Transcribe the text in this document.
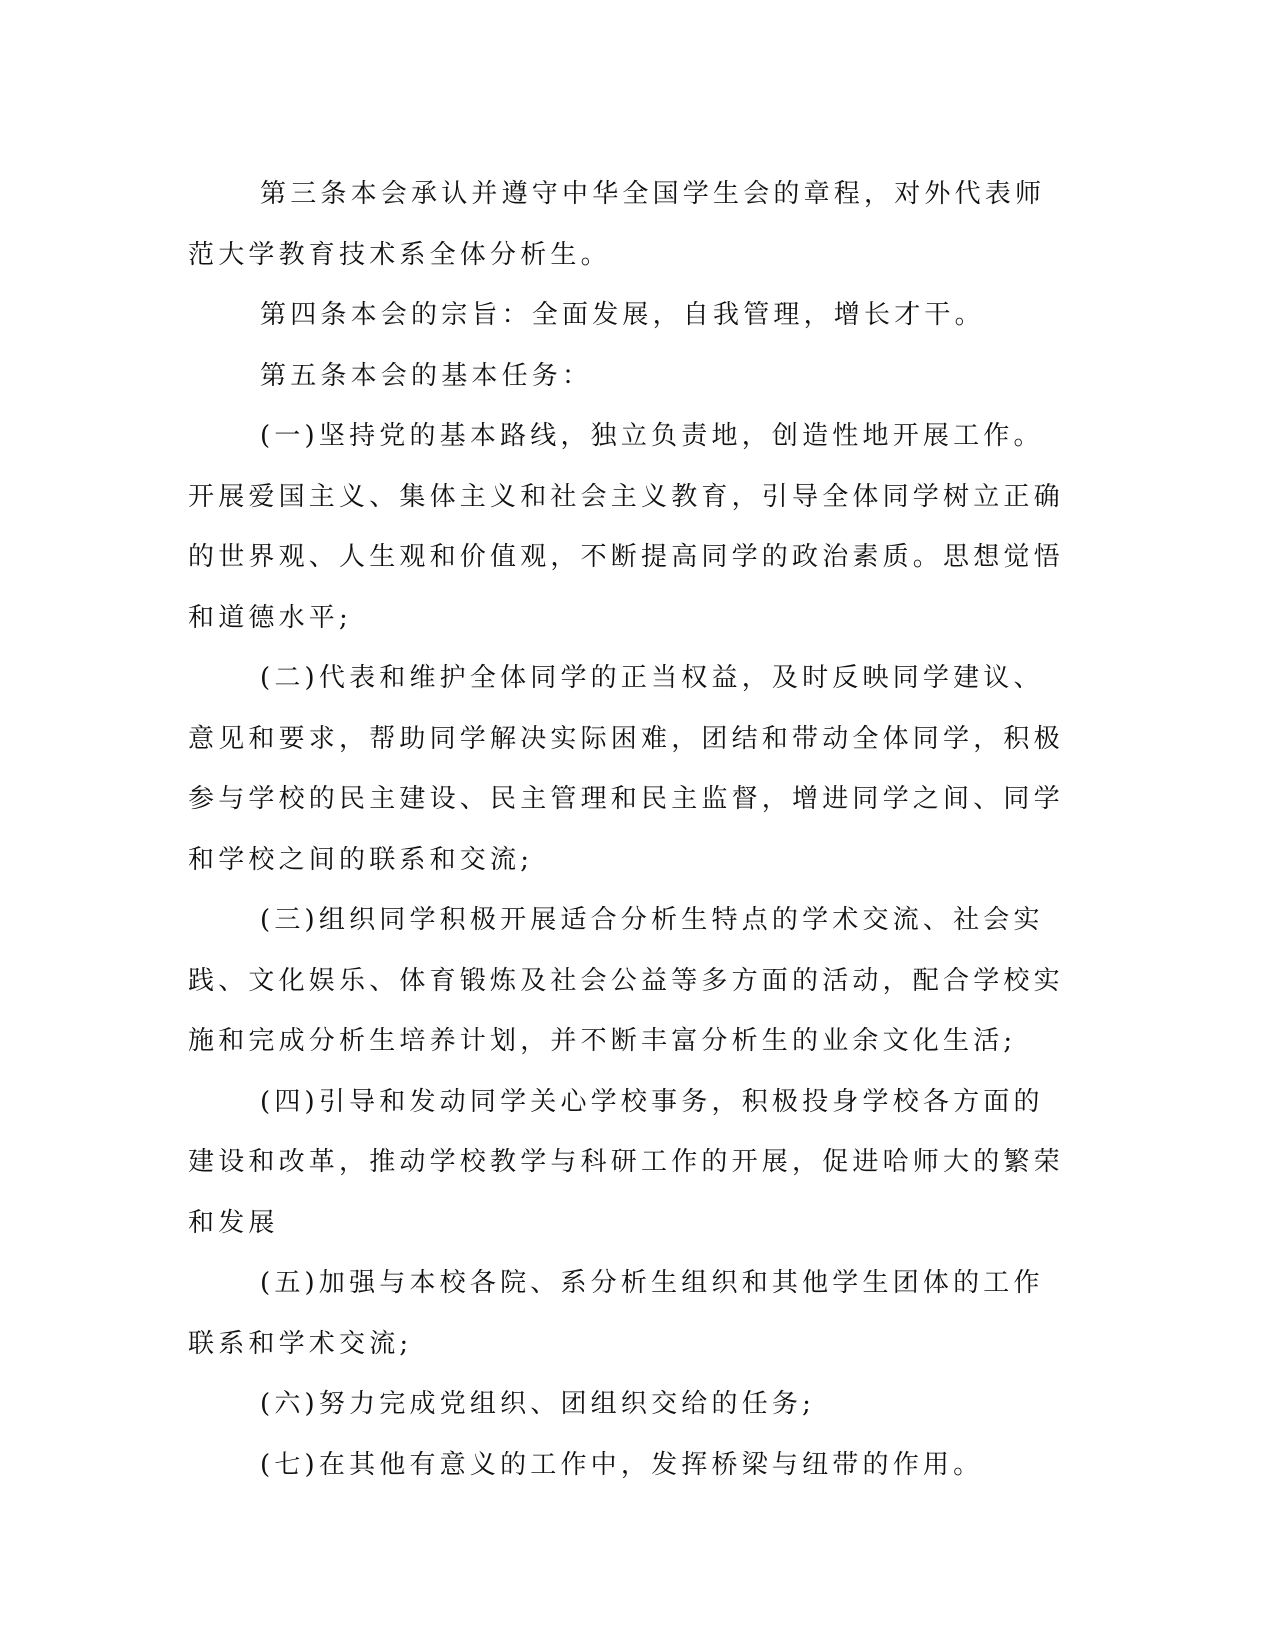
第三条本会承认并遵守中华全国学生会的章程，对外代表师范大学教育技术系全体分析生。

第四条本会的宗旨：全面发展，自我管理，增长才干。

第五条本会的基本任务：

(一)坚持党的基本路线，独立负责地，创造性地开展工作。开展爱国主义、集体主义和社会主义教育，引导全体同学树立正确的世界观、人生观和价值观，不断提高同学的政治素质。思想觉悟和道德水平;

(二)代表和维护全体同学的正当权益，及时反映同学建议、意见和要求，帮助同学解决实际困难，团结和带动全体同学，积极参与学校的民主建设、民主管理和民主监督，增进同学之间、同学和学校之间的联系和交流;

(三)组织同学积极开展适合分析生特点的学术交流、社会实践、文化娱乐、体育锻炼及社会公益等多方面的活动，配合学校实施和完成分析生培养计划，并不断丰富分析生的业余文化生活;

(四)引导和发动同学关心学校事务，积极投身学校各方面的建设和改革，推动学校教学与科研工作的开展，促进哈师大的繁荣和发展

(五)加强与本校各院、系分析生组织和其他学生团体的工作联系和学术交流;

(六)努力完成党组织、团组织交给的任务;

(七)在其他有意义的工作中，发挥桥梁与纽带的作用。
